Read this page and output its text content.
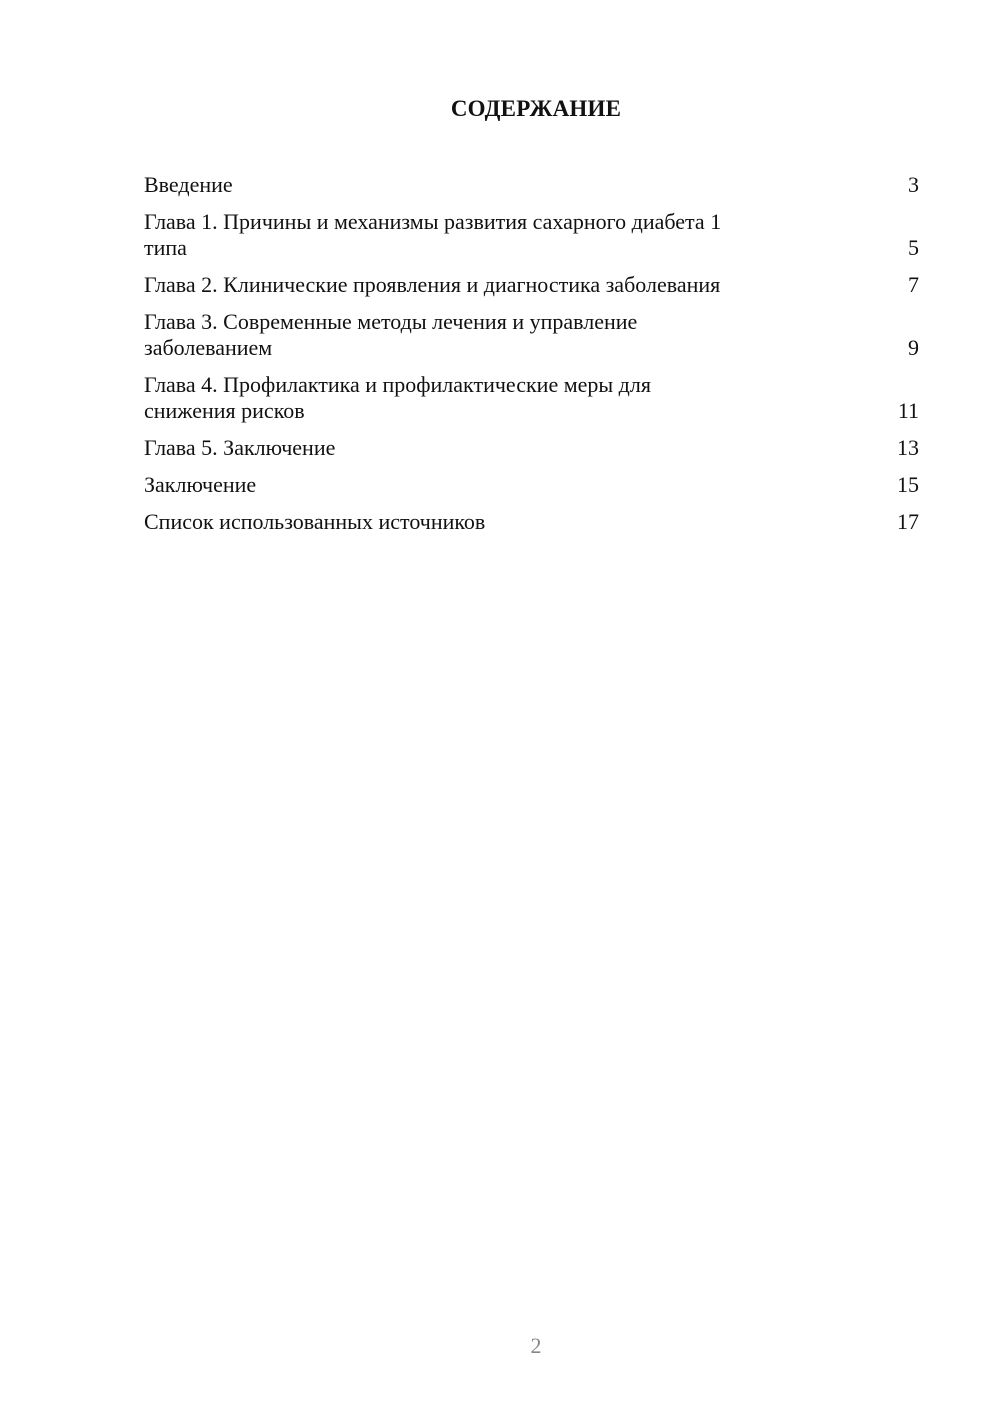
СОДЕРЖАНИЕ
Введение	3
Глава 1. Причины и механизмы развития сахарного диабета 1
типа	5
Глава 2. Клинические проявления и диагностика заболевания	7
Глава 3. Современные методы лечения и управление
заболеванием	9
Глава 4. Профилактика и профилактические меры для
снижения рисков	11
Глава 5. Заключение	13
Заключение	15
Список использованных источников	17
2
